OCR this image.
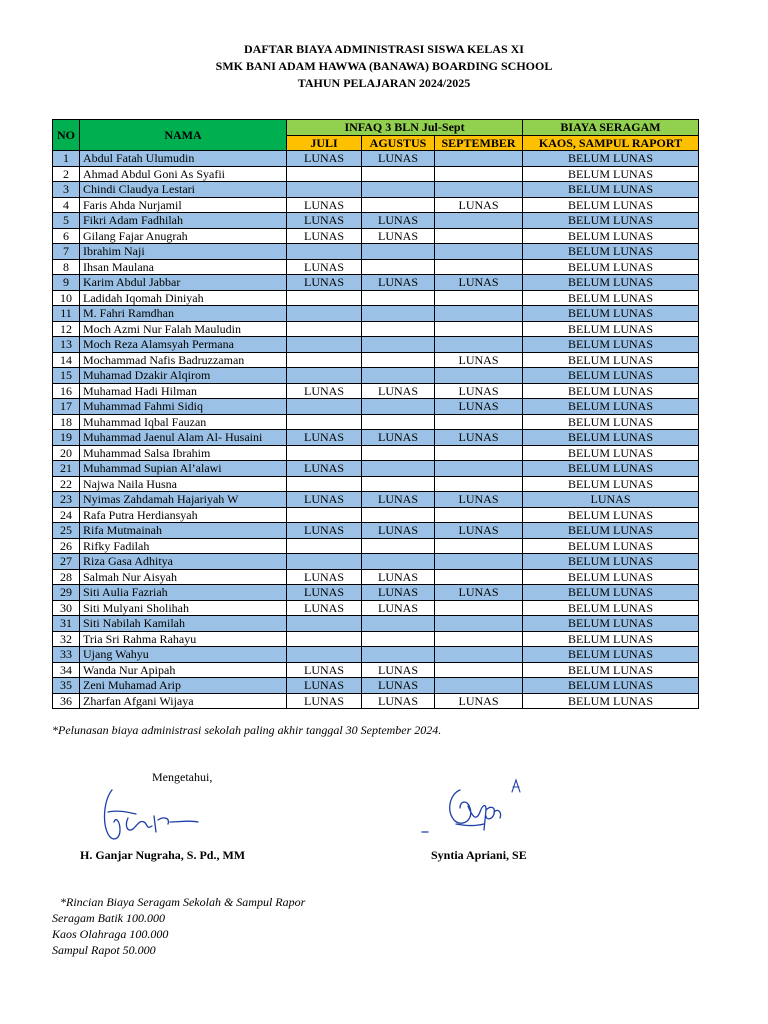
DAFTAR BIAYA ADMINISTRASI SISWA KELAS XI
SMK BANI ADAM HAWWA (BANAWA) BOARDING SCHOOL
TAHUN PELAJARAN 2024/2025
NO	NAMA	INFAQ 3 BLN Jul-Sept			BIAYA SERAGAM
		JULI	AGUSTUS	SEPTEMBER	KAOS, SAMPUL RAPORT
1	Abdul Fatah Ulumudin	LUNAS	LUNAS		BELUM LUNAS
2	Ahmad Abdul Goni As Syafii				BELUM LUNAS
3	Chindi Claudya Lestari				BELUM LUNAS
4	Faris Ahda Nurjamil	LUNAS		LUNAS	BELUM LUNAS
5	Fikri Adam Fadhilah	LUNAS	LUNAS		BELUM LUNAS
6	Gilang Fajar Anugrah	LUNAS	LUNAS		BELUM LUNAS
7	Ibrahim Naji				BELUM LUNAS
8	Ihsan Maulana	LUNAS			BELUM LUNAS
9	Karim Abdul Jabbar	LUNAS	LUNAS	LUNAS	BELUM LUNAS
10	Ladidah Iqomah Diniyah				BELUM LUNAS
11	M. Fahri Ramdhan				BELUM LUNAS
12	Moch Azmi Nur Falah Mauludin				BELUM LUNAS
13	Moch Reza Alamsyah Permana				BELUM LUNAS
14	Mochammad Nafis Badruzzaman			LUNAS	BELUM LUNAS
15	Muhamad Dzakir Alqirom				BELUM LUNAS
16	Muhamad Hadi Hilman	LUNAS	LUNAS	LUNAS	BELUM LUNAS
17	Muhammad Fahmi Sidiq			LUNAS	BELUM LUNAS
18	Muhammad Iqbal Fauzan				BELUM LUNAS
19	Muhammad Jaenul Alam Al- Husaini	LUNAS	LUNAS	LUNAS	BELUM LUNAS
20	Muhammad Salsa Ibrahim				BELUM LUNAS
21	Muhammad Supian Al’alawi	LUNAS			BELUM LUNAS
22	Najwa Naila Husna				BELUM LUNAS
23	Nyimas Zahdamah Hajariyah W	LUNAS	LUNAS	LUNAS	LUNAS
24	Rafa Putra Herdiansyah				BELUM LUNAS
25	Rifa Mutmainah	LUNAS	LUNAS	LUNAS	BELUM LUNAS
26	Rifky Fadilah				BELUM LUNAS
27	Riza Gasa Adhitya				BELUM LUNAS
28	Salmah Nur Aisyah	LUNAS	LUNAS		BELUM LUNAS
29	Siti Aulia Fazriah	LUNAS	LUNAS	LUNAS	BELUM LUNAS
30	Siti Mulyani Sholihah	LUNAS	LUNAS		BELUM LUNAS
31	Siti Nabilah Kamilah				BELUM LUNAS
32	Tria Sri Rahma Rahayu				BELUM LUNAS
33	Ujang Wahyu				BELUM LUNAS
34	Wanda Nur Apipah	LUNAS	LUNAS		BELUM LUNAS
35	Zeni Muhamad Arip	LUNAS	LUNAS		BELUM LUNAS
36	Zharfan Afgani Wijaya	LUNAS	LUNAS	LUNAS	BELUM LUNAS
*Pelunasan biaya administrasi sekolah paling akhir tanggal 30 September 2024.
Mengetahui,
H. Ganjar Nugraha, S. Pd., MM	Syntia Apriani, SE
*Rincian Biaya Seragam Sekolah & Sampul Rapor
Seragam Batik 100.000
Kaos Olahraga 100.000
Sampul Rapot 50.000
